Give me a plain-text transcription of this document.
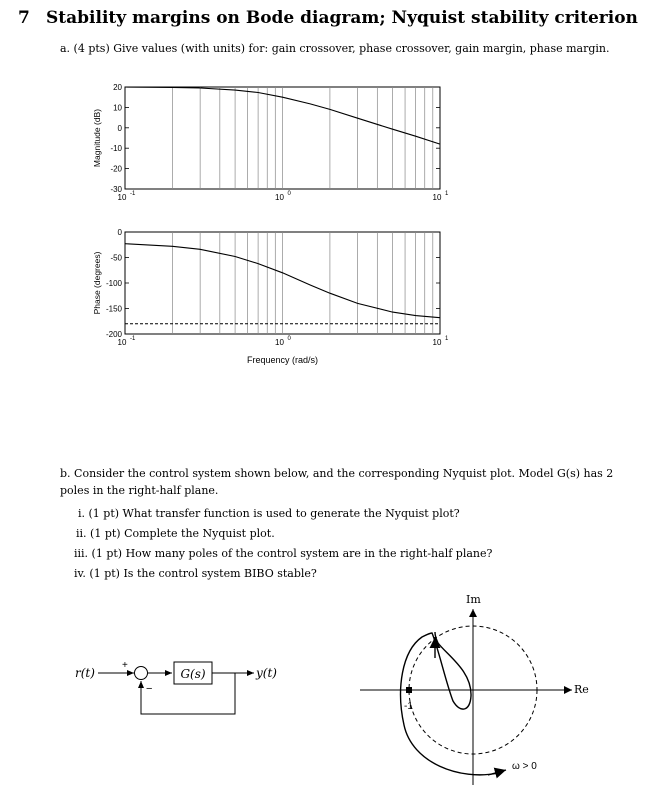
7 Stability margins on Bode diagram; Nyquist stability criterion
a. (4 pts) Give values (with units) for: gain crossover, phase crossover, gain margin, phase margin.
20
10
0
-10
-20
-30
10 -1	10 0	10 1
Magnitude (dB)
0
-50
-100
-150
-200
10 -1	10 0	10 1
Phase (degrees)
Frequency (rad/s)
b. Consider the control system shown below, and the corresponding Nyquist plot. Model G(s) has 2 poles in the right-half plane.
i. (1 pt) What transfer function is used to generate the Nyquist plot?
ii. (1 pt) Complete the Nyquist plot.
iii. (1 pt) How many poles of the control system are in the right-half plane?
iv. (1 pt) Is the control system BIBO stable?
r(t)
+
−
G(s)	y(t)
Im
Re
-1
ω > 0
